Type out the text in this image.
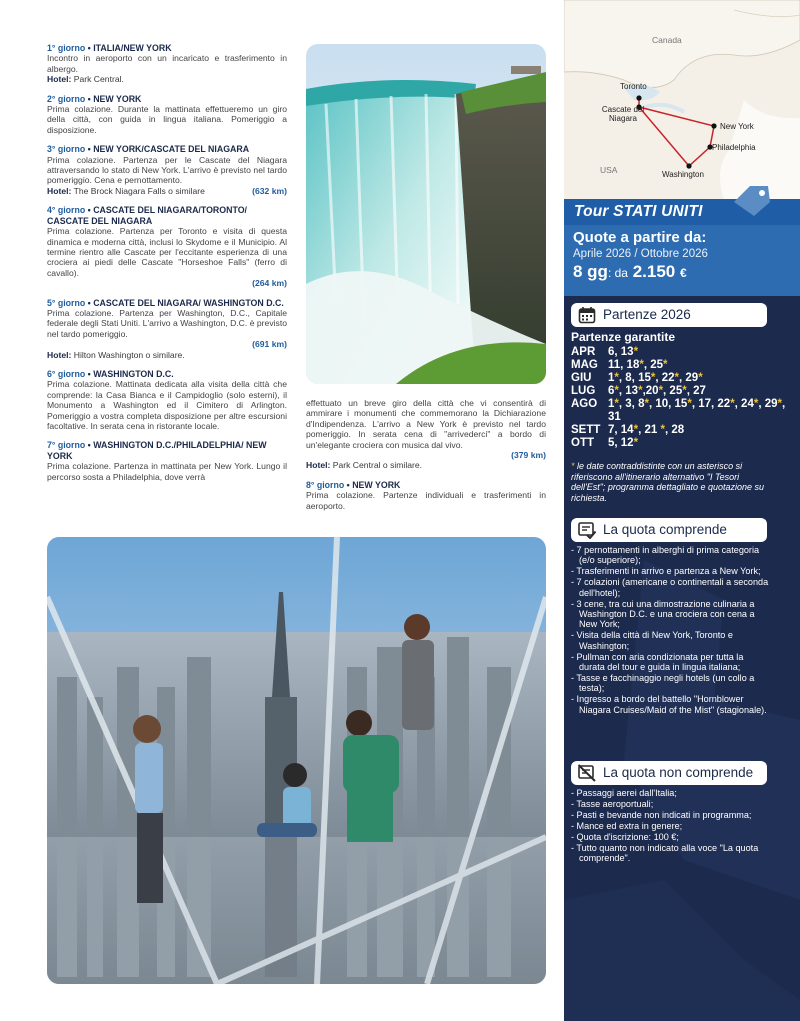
1° giorno • ITALIA/NEW YORK
Incontro in aeroporto con un incaricato e trasferimento in albergo.
Hotel: Park Central.
2° giorno • NEW YORK
Prima colazione. Durante la mattinata effettueremo un giro della città, con guida in lingua italiana. Pomeriggio a disposizione.
3° giorno • NEW YORK/CASCATE DEL NIAGARA
Prima colazione. Partenza per le Cascate del Niagara attraversando lo stato di New York. L'arrivo è previsto nel tardo pomeriggio. Cena e pernottamento.
Hotel: The Brock Niagara Falls o similare	(632 km)
4° giorno • CASCATE DEL NIAGARA/TORONTO/ CASCATE DEL NIAGARA
Prima colazione. Partenza per Toronto e visita di questa dinamica e moderna città, inclusi lo Skydome e il Municipio. Al termine rientro alle Cascate per l'eccitante esperienza di una crociera ai piedi delle Cascate "Horseshoe Falls" (ferro di cavallo).
(264 km)
5° giorno • CASCATE DEL NIAGARA/ WASHINGTON D.C.
Prima colazione. Partenza per Washington, D.C., Capitale federale degli Stati Uniti. L'arrivo a Washington, D.C. è previsto nel tardo pomeriggio.
(691 km)
Hotel: Hilton Washington o similare.
6° giorno • WASHINGTON D.C.
Prima colazione. Mattinata dedicata alla visita della città che comprende: la Casa Bianca e il Campidoglio (solo esterni), il Monumento a Washington ed il Cimitero di Arlington. Pomeriggio a vostra completa disposizione per altre escursioni facoltative. In serata cena in ristorante locale.
7° giorno • WASHINGTON D.C./PHILADELPHIA/ NEW YORK
Prima colazione. Partenza in mattinata per New York. Lungo il percorso sosta a Philadelphia, dove verrà
effettuato un breve giro della città che vi consentirà di ammirare i monumenti che commemorano la Dichiarazione d'Indipendenza. L'arrivo a New York è previsto nel tardo pomeriggio. In serata cena di "arrivederci" a bordo di un'elegante crociera con musica dal vivo.
(379 km)
Hotel: Park Central o similare.
8° giorno • NEW YORK
Prima colazione. Partenze individuali e trasferimenti in aeroporto.
Canada
USA
Toronto
Cascate del Niagara
New York
Philadelphia
Washington
Tour STATI UNITI
Quote a partire da:
Aprile 2026 / Ottobre 2026
8 gg: da 2.150 €
Partenze 2026
Partenze garantite
APR	6, 13*
MAG 11, 18*, 25*
GIU	1*, 8, 15*, 22*, 29*
LUG	6*, 13*,20*, 25*, 27
AGO 1*, 3, 8*, 10, 15*, 17, 22*, 24*, 29*, 31
SETT 7, 14*, 21 *, 28
OTT	5, 12*
* le date contraddistinte con un asterisco si riferiscono all'itinerario alternativo "I Tesori dell'Est"; programma dettagliato e quotazione su richiesta.
La quota comprende
- 7 pernottamenti in alberghi di prima categoria (e/o superiore);
- Trasferimenti in arrivo e partenza a New York;
- 7 colazioni (americane o continentali a seconda dell'hotel);
- 3 cene, tra cui una dimostrazione culinaria a Washington D.C. e una crociera con cena a New York;
- Visita della città di New York, Toronto e Washington;
- Pullman con aria condizionata per tutta la durata del tour e guida in lingua italiana;
- Tasse e facchinaggio negli hotels (un collo a testa);
- Ingresso a bordo del battello "Hornblower Niagara Cruises/Maid of the Mist" (stagionale).
La quota non comprende
- Passaggi aerei dall'Italia;
- Tasse aeroportuali;
- Pasti e bevande non indicati in programma;
- Mance ed extra in genere;
- Quota d'iscrizione: 100 €;
- Tutto quanto non indicato alla voce "La quota comprende".
